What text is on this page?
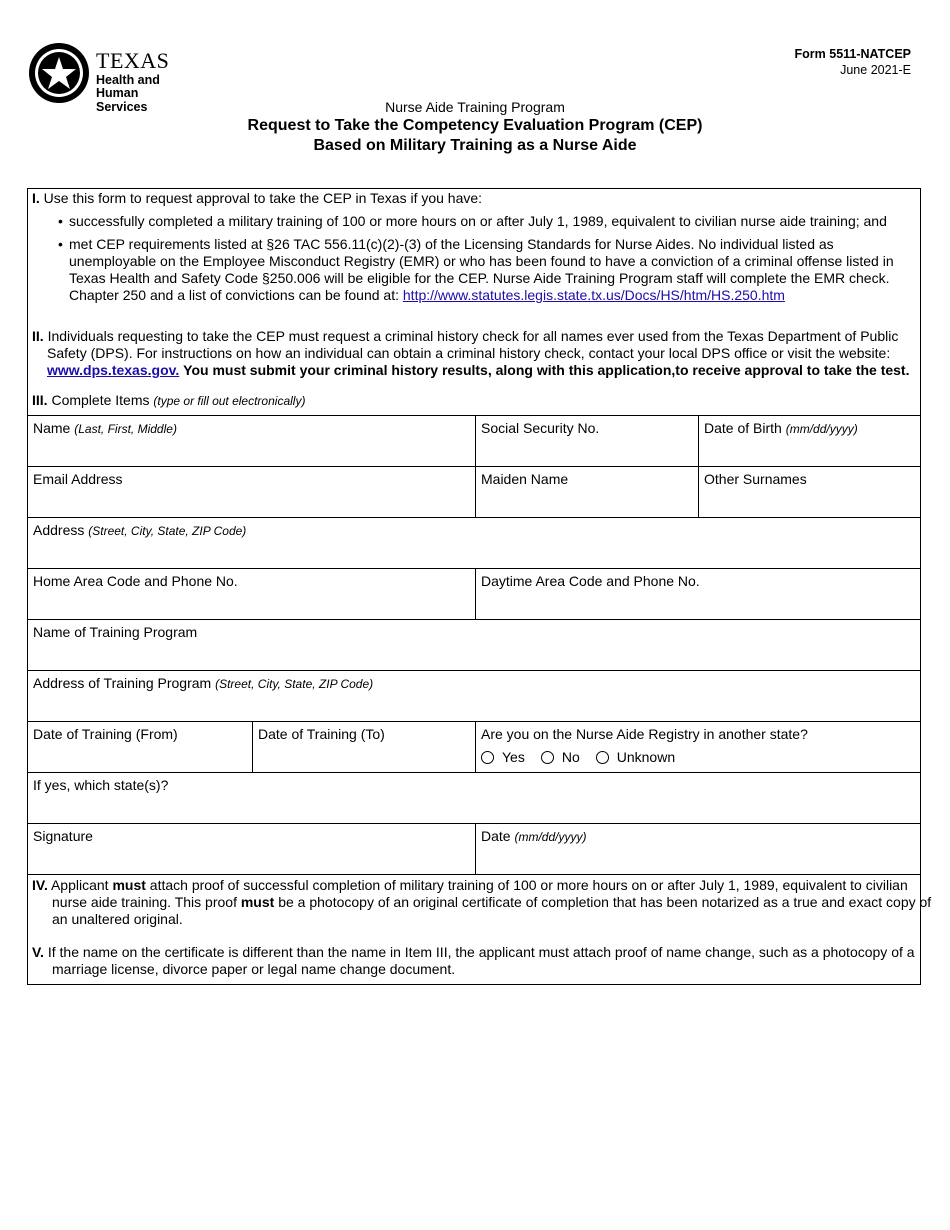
TEXAS
Health and Human
Services
Form 5511-NATCEP
June 2021-E
Nurse Aide Training Program
Request to Take the Competency Evaluation Program (CEP)
Based on Military Training as a Nurse Aide
I. Use this form to request approval to take the CEP in Texas if you have:
• successfully completed a military training of 100 or more hours on or after July 1, 1989, equivalent to civilian nurse aide training; and
• met CEP requirements listed at §26 TAC 556.11(c)(2)-(3) of the Licensing Standards for Nurse Aides. No individual listed as unemployable on the Employee Misconduct Registry (EMR) or who has been found to have a conviction of a criminal offense listed in Texas Health and Safety Code §250.006 will be eligible for the CEP. Nurse Aide Training Program staff will complete the EMR check. Chapter 250 and a list of convictions can be found at: http://www.statutes.legis.state.tx.us/Docs/HS/htm/HS.250.htm
II. Individuals requesting to take the CEP must request a criminal history check for all names ever used from the Texas Department of Public Safety (DPS). For instructions on how an individual can obtain a criminal history check, contact your local DPS office or visit the website: www.dps.texas.gov. You must submit your criminal history results, along with this application,to receive approval to take the test.
III. Complete Items (type or fill out electronically)
Name (Last, First, Middle)	Social Security No.	Date of Birth (mm/dd/yyyy)
Email Address	Maiden Name	Other Surnames
Address (Street, City, State, ZIP Code)
Home Area Code and Phone No.	Daytime Area Code and Phone No.
Name of Training Program
Address of Training Program (Street, City, State, ZIP Code)
Date of Training (From)	Date of Training (To)	Are you on the Nurse Aide Registry in another state?
Yes	No	Unknown
If yes, which state(s)?
Signature	Date (mm/dd/yyyy)
IV. Applicant must attach proof of successful completion of military training of 100 or more hours on or after July 1, 1989, equivalent to civilian nurse aide training. This proof must be a photocopy of an original certificate of completion that has been notarized as a true and exact copy of an unaltered original.
V. If the name on the certificate is different than the name in Item III, the applicant must attach proof of name change, such as a photocopy of a marriage license, divorce paper or legal name change document.
